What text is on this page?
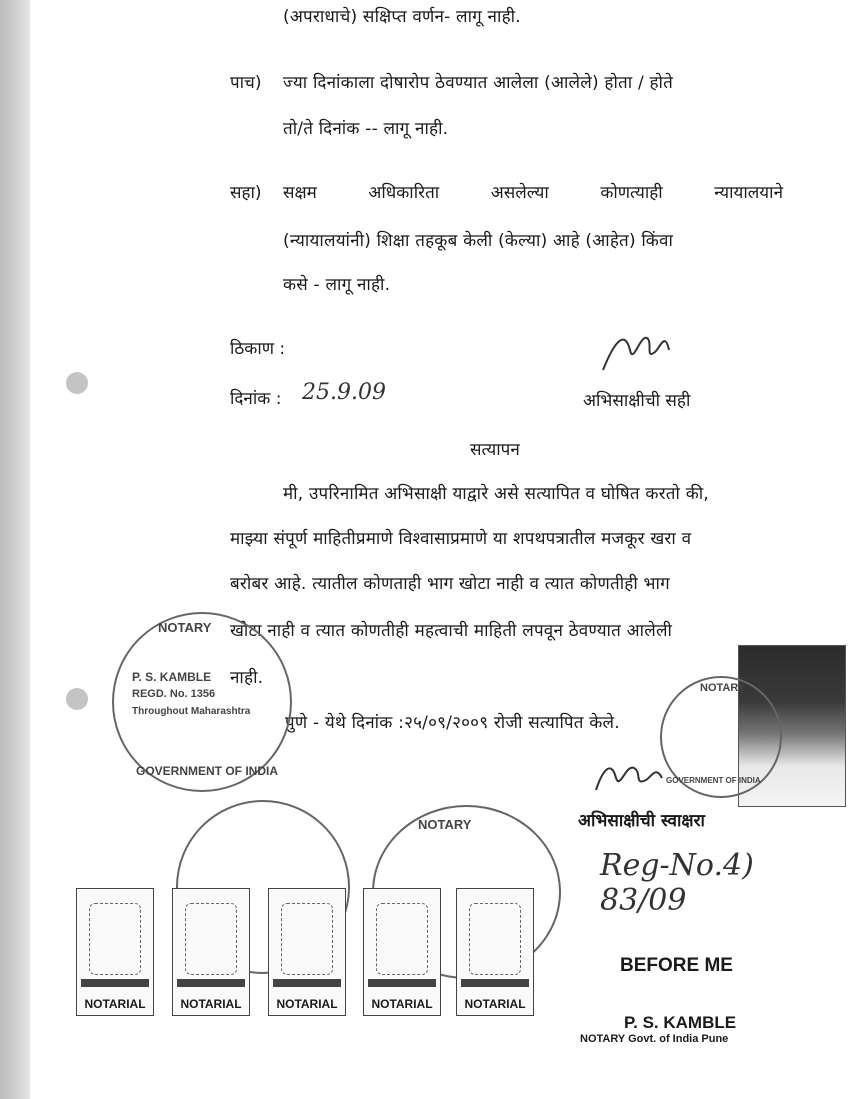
(अपराधाचे) सक्षिप्त वर्णन- लागू नाही.
पाच) ज्या दिनांकाला दोषारोप ठेवण्यात आलेला (आलेले) होता / होते
तो/ते दिनांक -- लागू नाही.
सहा) सक्षम	अधिकारिता	असलेल्या	कोणत्याही	न्यायालयाने
(न्यायालयांनी) शिक्षा तहकूब केली (केल्या) आहे (आहेत) किंवा
कसे - लागू नाही.
ठिकाण :
दिनांक : 25.9.09	अभिसाक्षीची सही
सत्यापन
मी, उपरिनामित अभिसाक्षी याद्वारे असे सत्यापित व घोषित करतो की,
माझ्या संपूर्ण माहितीप्रमाणे विश्वासाप्रमाणे या शपथपत्रातील मजकूर खरा व
बरोबर आहे. त्यातील कोणताही भाग खोटा नाही व त्यात कोणतीही भाग
खोटा नाही व त्यात कोणतीही महत्वाची माहिती लपवून ठेवण्यात आलेली
नाही.
पुणे - येथे दिनांक :२५/०९/२००९ रोजी सत्यापित केले.
NOTARY
P. S. KAMBLE
REGD. No. 1356
Throughout Maharashtra
GOVERNMENT OF INDIA
NOTARY
GOVERNMENT OF INDIA
अभिसाक्षीची स्वाक्षरा
Reg-No.4) 83/09
NOTARY
NOTARIAL	NOTARIAL	NOTARIAL	NOTARIAL	NOTARIAL
BEFORE ME
P. S. KAMBLE
NOTARY Govt. of India Pune
